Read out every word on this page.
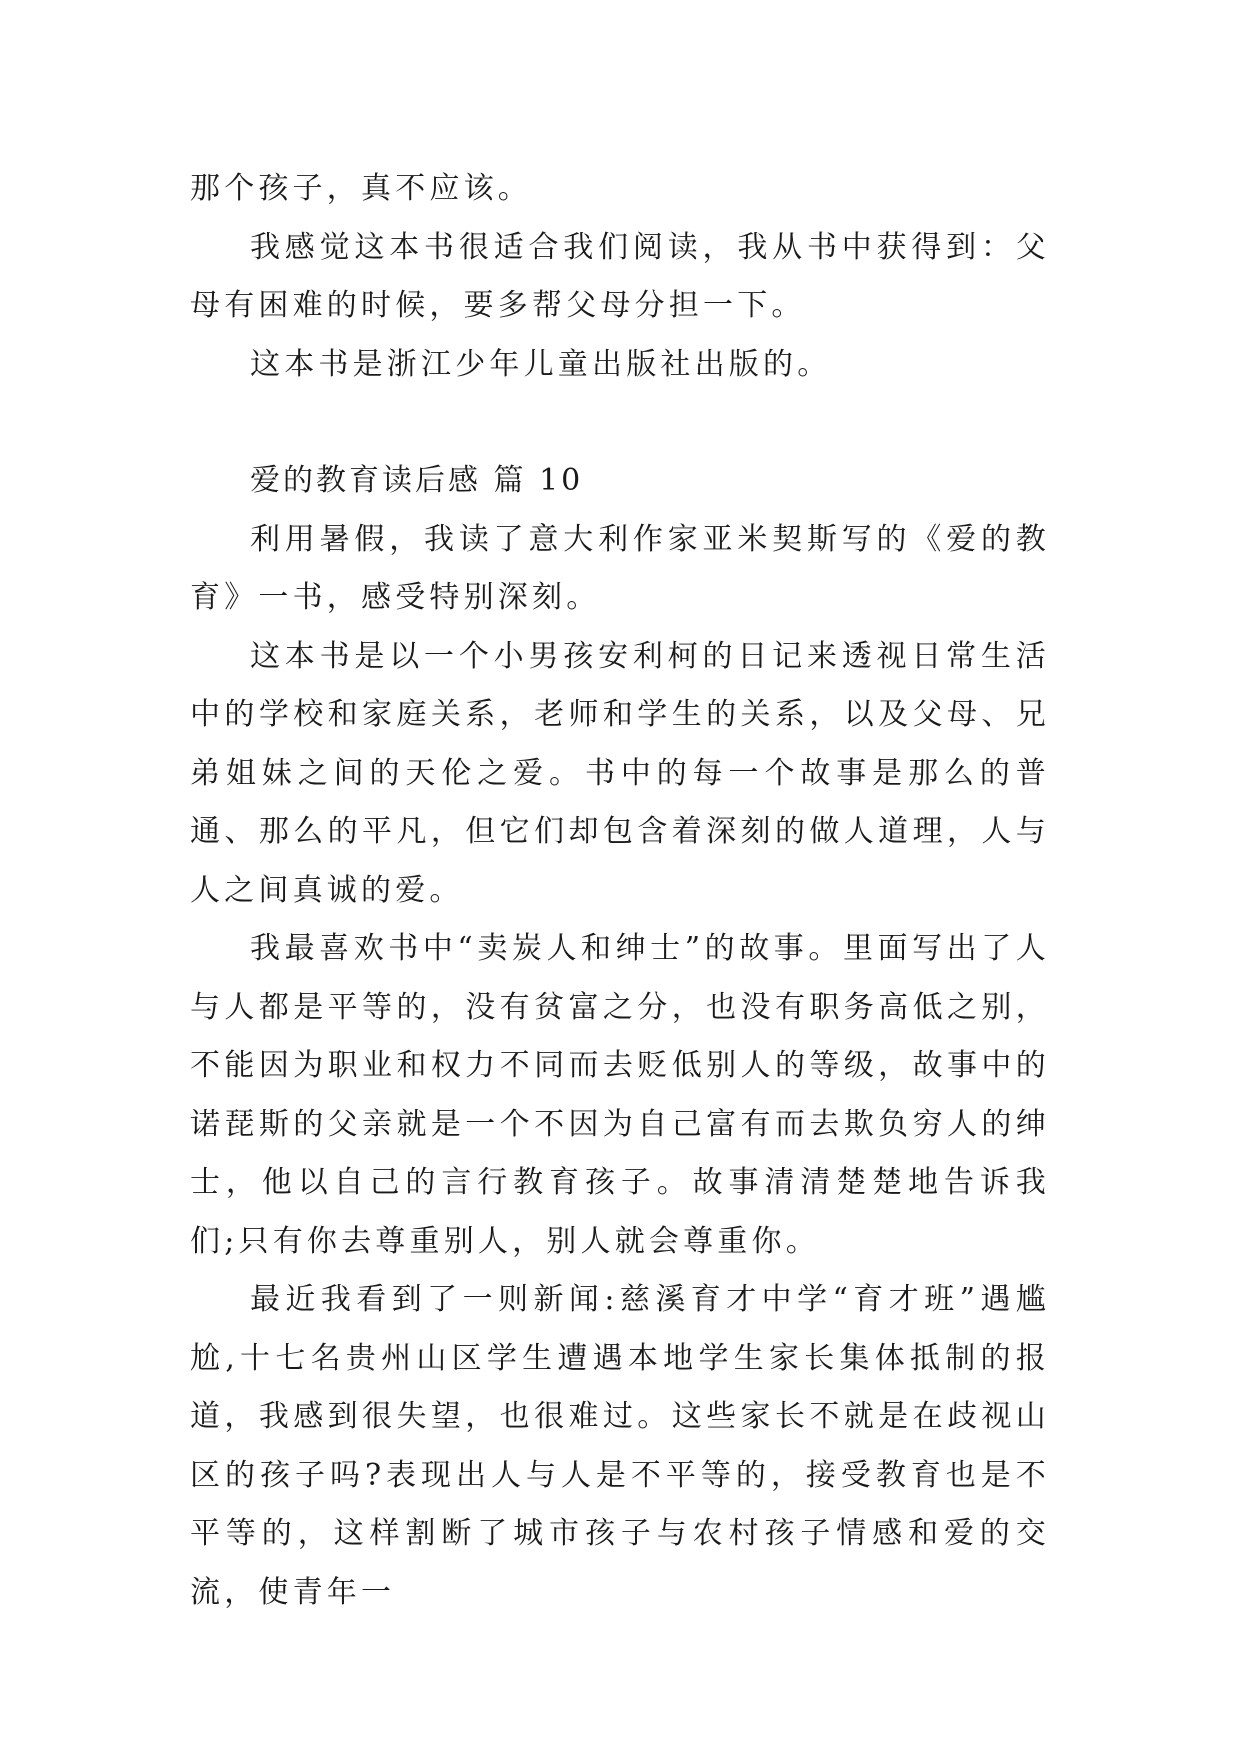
那个孩子，真不应该。

我感觉这本书很适合我们阅读，我从书中获得到：父母有困难的时候，要多帮父母分担一下。

这本书是浙江少年儿童出版社出版的。

爱的教育读后感 篇 10

利用暑假，我读了意大利作家亚米契斯写的《爱的教育》一书，感受特别深刻。

这本书是以一个小男孩安利柯的日记来透视日常生活中的学校和家庭关系，老师和学生的关系，以及父母、兄弟姐妹之间的天伦之爱。书中的每一个故事是那么的普通、那么的平凡，但它们却包含着深刻的做人道理，人与人之间真诚的爱。

我最喜欢书中“卖炭人和绅士”的故事。里面写出了人与人都是平等的，没有贫富之分，也没有职务高低之别，不能因为职业和权力不同而去贬低别人的等级，故事中的诺琵斯的父亲就是一个不因为自己富有而去欺负穷人的绅士，他以自己的言行教育孩子。故事清清楚楚地告诉我们;只有你去尊重别人，别人就会尊重你。

最近我看到了一则新闻:慈溪育才中学“育才班”遇尴尬,十七名贵州山区学生遭遇本地学生家长集体抵制的报道，我感到很失望，也很难过。这些家长不就是在歧视山区的孩子吗?表现出人与人是不平等的，接受教育也是不平等的，这样割断了城市孩子与农村孩子情感和爱的交流，使青年一
